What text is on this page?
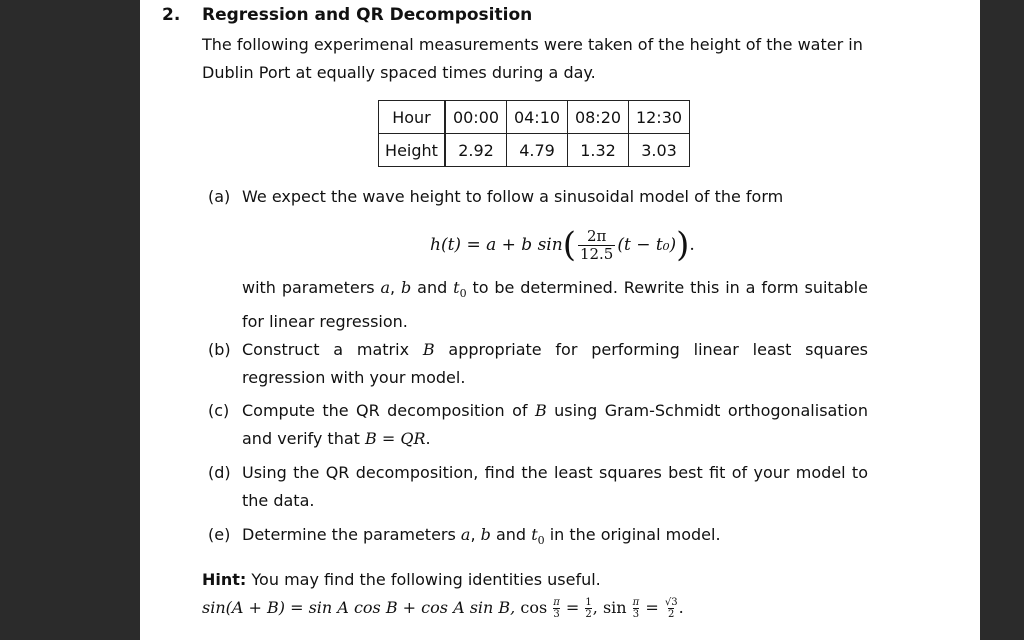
2. Regression and QR Decomposition
The following experimenal measurements were taken of the height of the water in Dublin Port at equally spaced times during a day.
Hour	00:00	04:10	08:20	12:30
Height	2.92	4.79	1.32	3.03
(a) We expect the wave height to follow a sinusoidal model of the form
h(t) = a + b sin ( $\frac{2\pi}{12.5} (t - t_0)$ ) .
with parameters a, b and $t_0$ to be determined. Rewrite this in a form suitable for linear regression.
(b) Construct a matrix B appropriate for performing linear least squares regression with your model.
(c) Compute the QR decomposition of B using Gram-Schmidt orthogonalisation and verify that B = QR.
(d) Using the QR decomposition, find the least squares best fit of your model to the data.
(e) Determine the parameters a, b and $t_0$ in the original model.
Hint: You may find the following identities useful.
sin(A + B) = sin A cos B + cos A sin B, $\cos \frac{\pi}{3} = \frac{1}{2}$ , $\sin \frac{\pi}{3} = \frac{√3}{2}$ .
